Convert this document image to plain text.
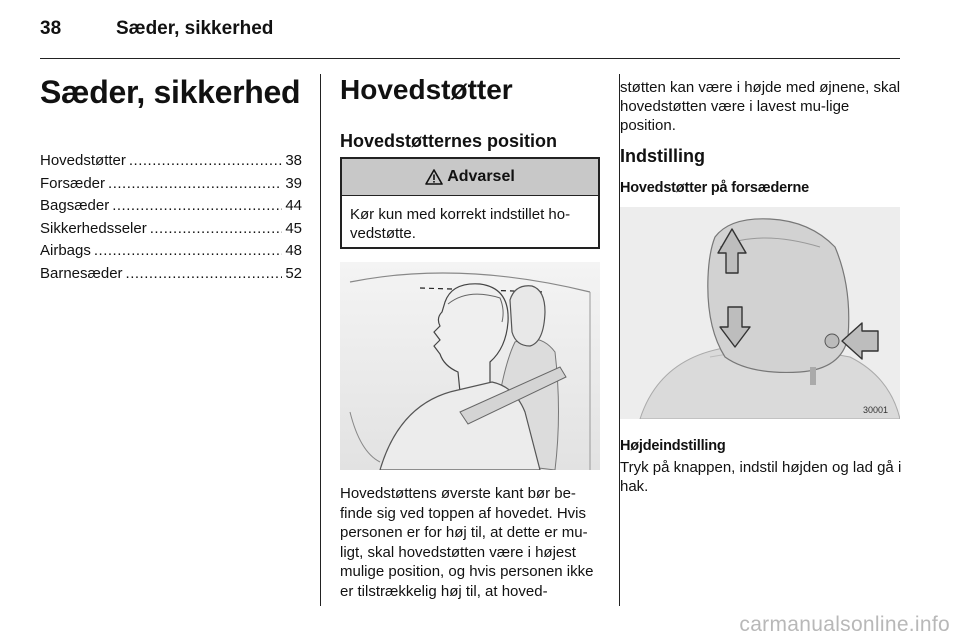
38	Sæder, sikkerhed
Sæder, sikkerhed
Hovedstøtter .....	38
Forsæder .....	39
Bagsæder .....	44
Sikkerhedsseler .....	45
Airbags .....	48
Barnesæder .....	52
Hovedstøtter
Hovedstøtternes position
Advarsel
Kør kun med korrekt indstillet ho-vedstøtte.
Hovedstøttens øverste kant bør be-finde sig ved toppen af hovedet. Hvis personen er for høj til, at dette er mu-ligt, skal hovedstøtten være i højest mulige position, og hvis personen ikke er tilstrækkelig høj til, at hoved-
støtten kan være i højde med øjnene, skal hovedstøtten være i lavest mu-lige position.
Indstilling
Hovedstøtter på forsæderne
30001
Højdeindstilling
Tryk på knappen, indstil højden og lad gå i hak.
carmanualsonline.info
